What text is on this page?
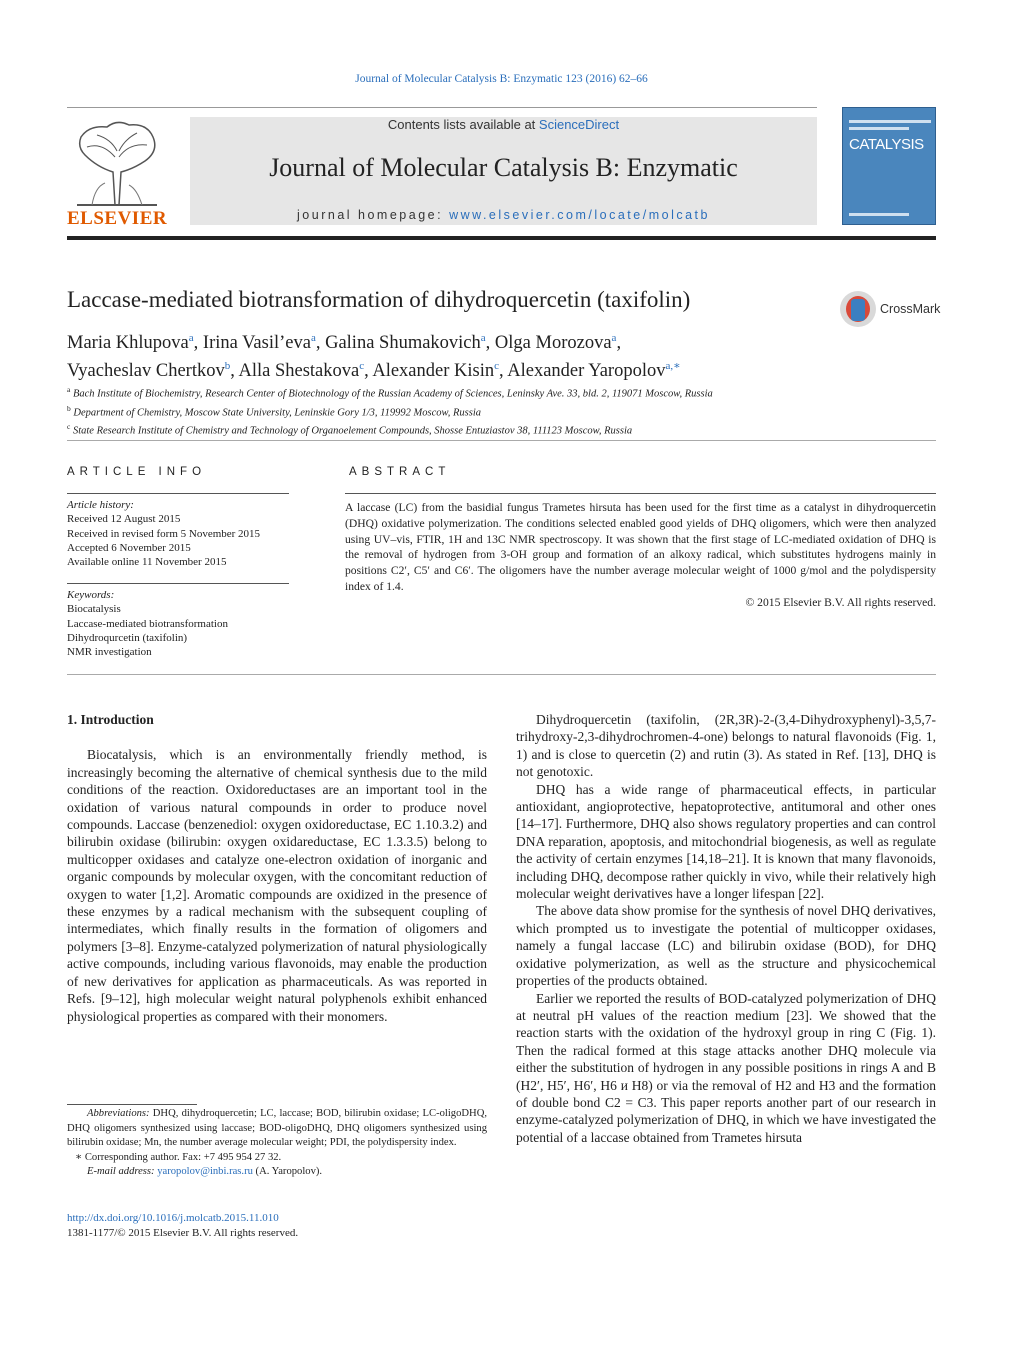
Journal of Molecular Catalysis B: Enzymatic 123 (2016) 62–66
ELSEVIER
Contents lists available at ScienceDirect
Journal of Molecular Catalysis B: Enzymatic
journal homepage: www.elsevier.com/locate/molcatb
CATALYSIS
Laccase-mediated biotransformation of dihydroquercetin (taxifolin)	CrossMark
Maria Khlupova$^a$, Irina Vasil’eva$^a$, Galina Shumakovich$^a$, Olga Morozova$^a$,
Vyacheslav Chertkov$^b$, Alla Shestakova$^c$, Alexander Kisin$^c$, Alexander Yaropolov$^{a,∗}$
$^a$ Bach Institute of Biochemistry, Research Center of Biotechnology of the Russian Academy of Sciences, Leninsky Ave. 33, bld. 2, 119071 Moscow, Russia
$^b$ Department of Chemistry, Moscow State University, Leninskie Gory 1/3, 119992 Moscow, Russia
$^c$ State Research Institute of Chemistry and Technology of Organoelement Compounds, Shosse Entuziastov 38, 111123 Moscow, Russia
ARTICLE INFO
Article history:
Received 12 August 2015
Received in revised form 5 November 2015
Accepted 6 November 2015
Available online 11 November 2015
Keywords:
Biocatalysis
Laccase-mediated biotransformation
Dihydroqurcetin (taxifolin)
NMR investigation
ABSTRACT
A laccase (LC) from the basidial fungus Trametes hirsuta has been used for the first time as a catalyst in dihydroquercetin (DHQ) oxidative polymerization. The conditions selected enabled good yields of DHQ oligomers, which were then analyzed using UV–vis, FTIR, 1H and 13C NMR spectroscopy. It was shown that the first stage of LC-mediated oxidation of DHQ is the removal of hydrogen from 3-OH group and formation of an alkoxy radical, which substitutes hydrogens mainly in positions C2′, C5′ and C6′. The oligomers have the number average molecular weight of 1000 g/mol and the polydispersity index of 1.4.
© 2015 Elsevier B.V. All rights reserved.

1. Introduction

Biocatalysis, which is an environmentally friendly method, is increasingly becoming the alternative of chemical synthesis due to the mild conditions of the reaction. Oxidoreductases are an important tool in the oxidation of various natural compounds in order to produce novel compounds. Laccase (benzenediol: oxygen oxidoreductase, EC 1.10.3.2) and bilirubin oxidase (bilirubin: oxygen oxidareductase, EC 1.3.3.5) belong to multicopper oxidases and catalyze one-electron oxidation of inorganic and organic compounds by molecular oxygen, with the concomitant reduction of oxygen to water [1,2]. Aromatic compounds are oxidized in the presence of these enzymes by a radical mechanism with the subsequent coupling of intermediates, which finally results in the formation of oligomers and polymers [3–8]. Enzyme-catalyzed polymerization of natural physiologically active compounds, including various flavonoids, may enable the production of new derivatives for application as pharmaceuticals. As was reported in Refs. [9–12], high molecular weight natural polyphenols exhibit enhanced physiological properties as compared with their monomers.

Dihydroquercetin (taxifolin, (2R,3R)-2-(3,4-Dihydroxyphenyl)-3,5,7-trihydroxy-2,3-dihydrochromen-4-one) belongs to natural flavonoids (Fig. 1, 1) and is close to quercetin (2) and rutin (3). As stated in Ref. [13], DHQ is not genotoxic.

DHQ has a wide range of pharmaceutical effects, in particular antioxidant, angioprotective, hepatoprotective, antitumoral and other ones [14–17]. Furthermore, DHQ also shows regulatory properties and can control DNA reparation, apoptosis, and mitochondrial biogenesis, as well as regulate the activity of certain enzymes [14,18–21]. It is known that many flavonoids, including DHQ, decompose rather quickly in vivo, while their relatively high molecular weight derivatives have a longer lifespan [22].

The above data show promise for the synthesis of novel DHQ derivatives, which prompted us to investigate the potential of multicopper oxidases, namely a fungal laccase (LC) and bilirubin oxidase (BOD), for DHQ oxidative polymerization, as well as the structure and physicochemical properties of the products obtained.

Earlier we reported the results of BOD-catalyzed polymerization of DHQ at neutral pH values of the reaction medium [23]. We showed that the reaction starts with the oxidation of the hydroxyl group in ring C (Fig. 1). Then the radical formed at this stage attacks another DHQ molecule via either the substitution of hydrogen in any possible positions in rings A and B (H2′, H5′, H6′, H6 и H8) or via the removal of H2 and H3 and the formation of double bond C2 = C3. This paper reports another part of our research in enzyme-catalyzed polymerization of DHQ, in which we have investigated the potential of a laccase obtained from Trametes hirsuta

Abbreviations: DHQ, dihydroquercetin; LC, laccase; BOD, bilirubin oxidase; LC-oligoDHQ, DHQ oligomers synthesized using laccase; BOD-oligoDHQ, DHQ oligomers synthesized using bilirubin oxidase; Mn, the number average molecular weight; PDI, the polydispersity index.

∗ Corresponding author. Fax: +7 495 954 27 32.

E-mail address: yaropolov@inbi.ras.ru (A. Yaropolov).

http://dx.doi.org/10.1016/j.molcatb.2015.11.010
1381-1177/© 2015 Elsevier B.V. All rights reserved.
